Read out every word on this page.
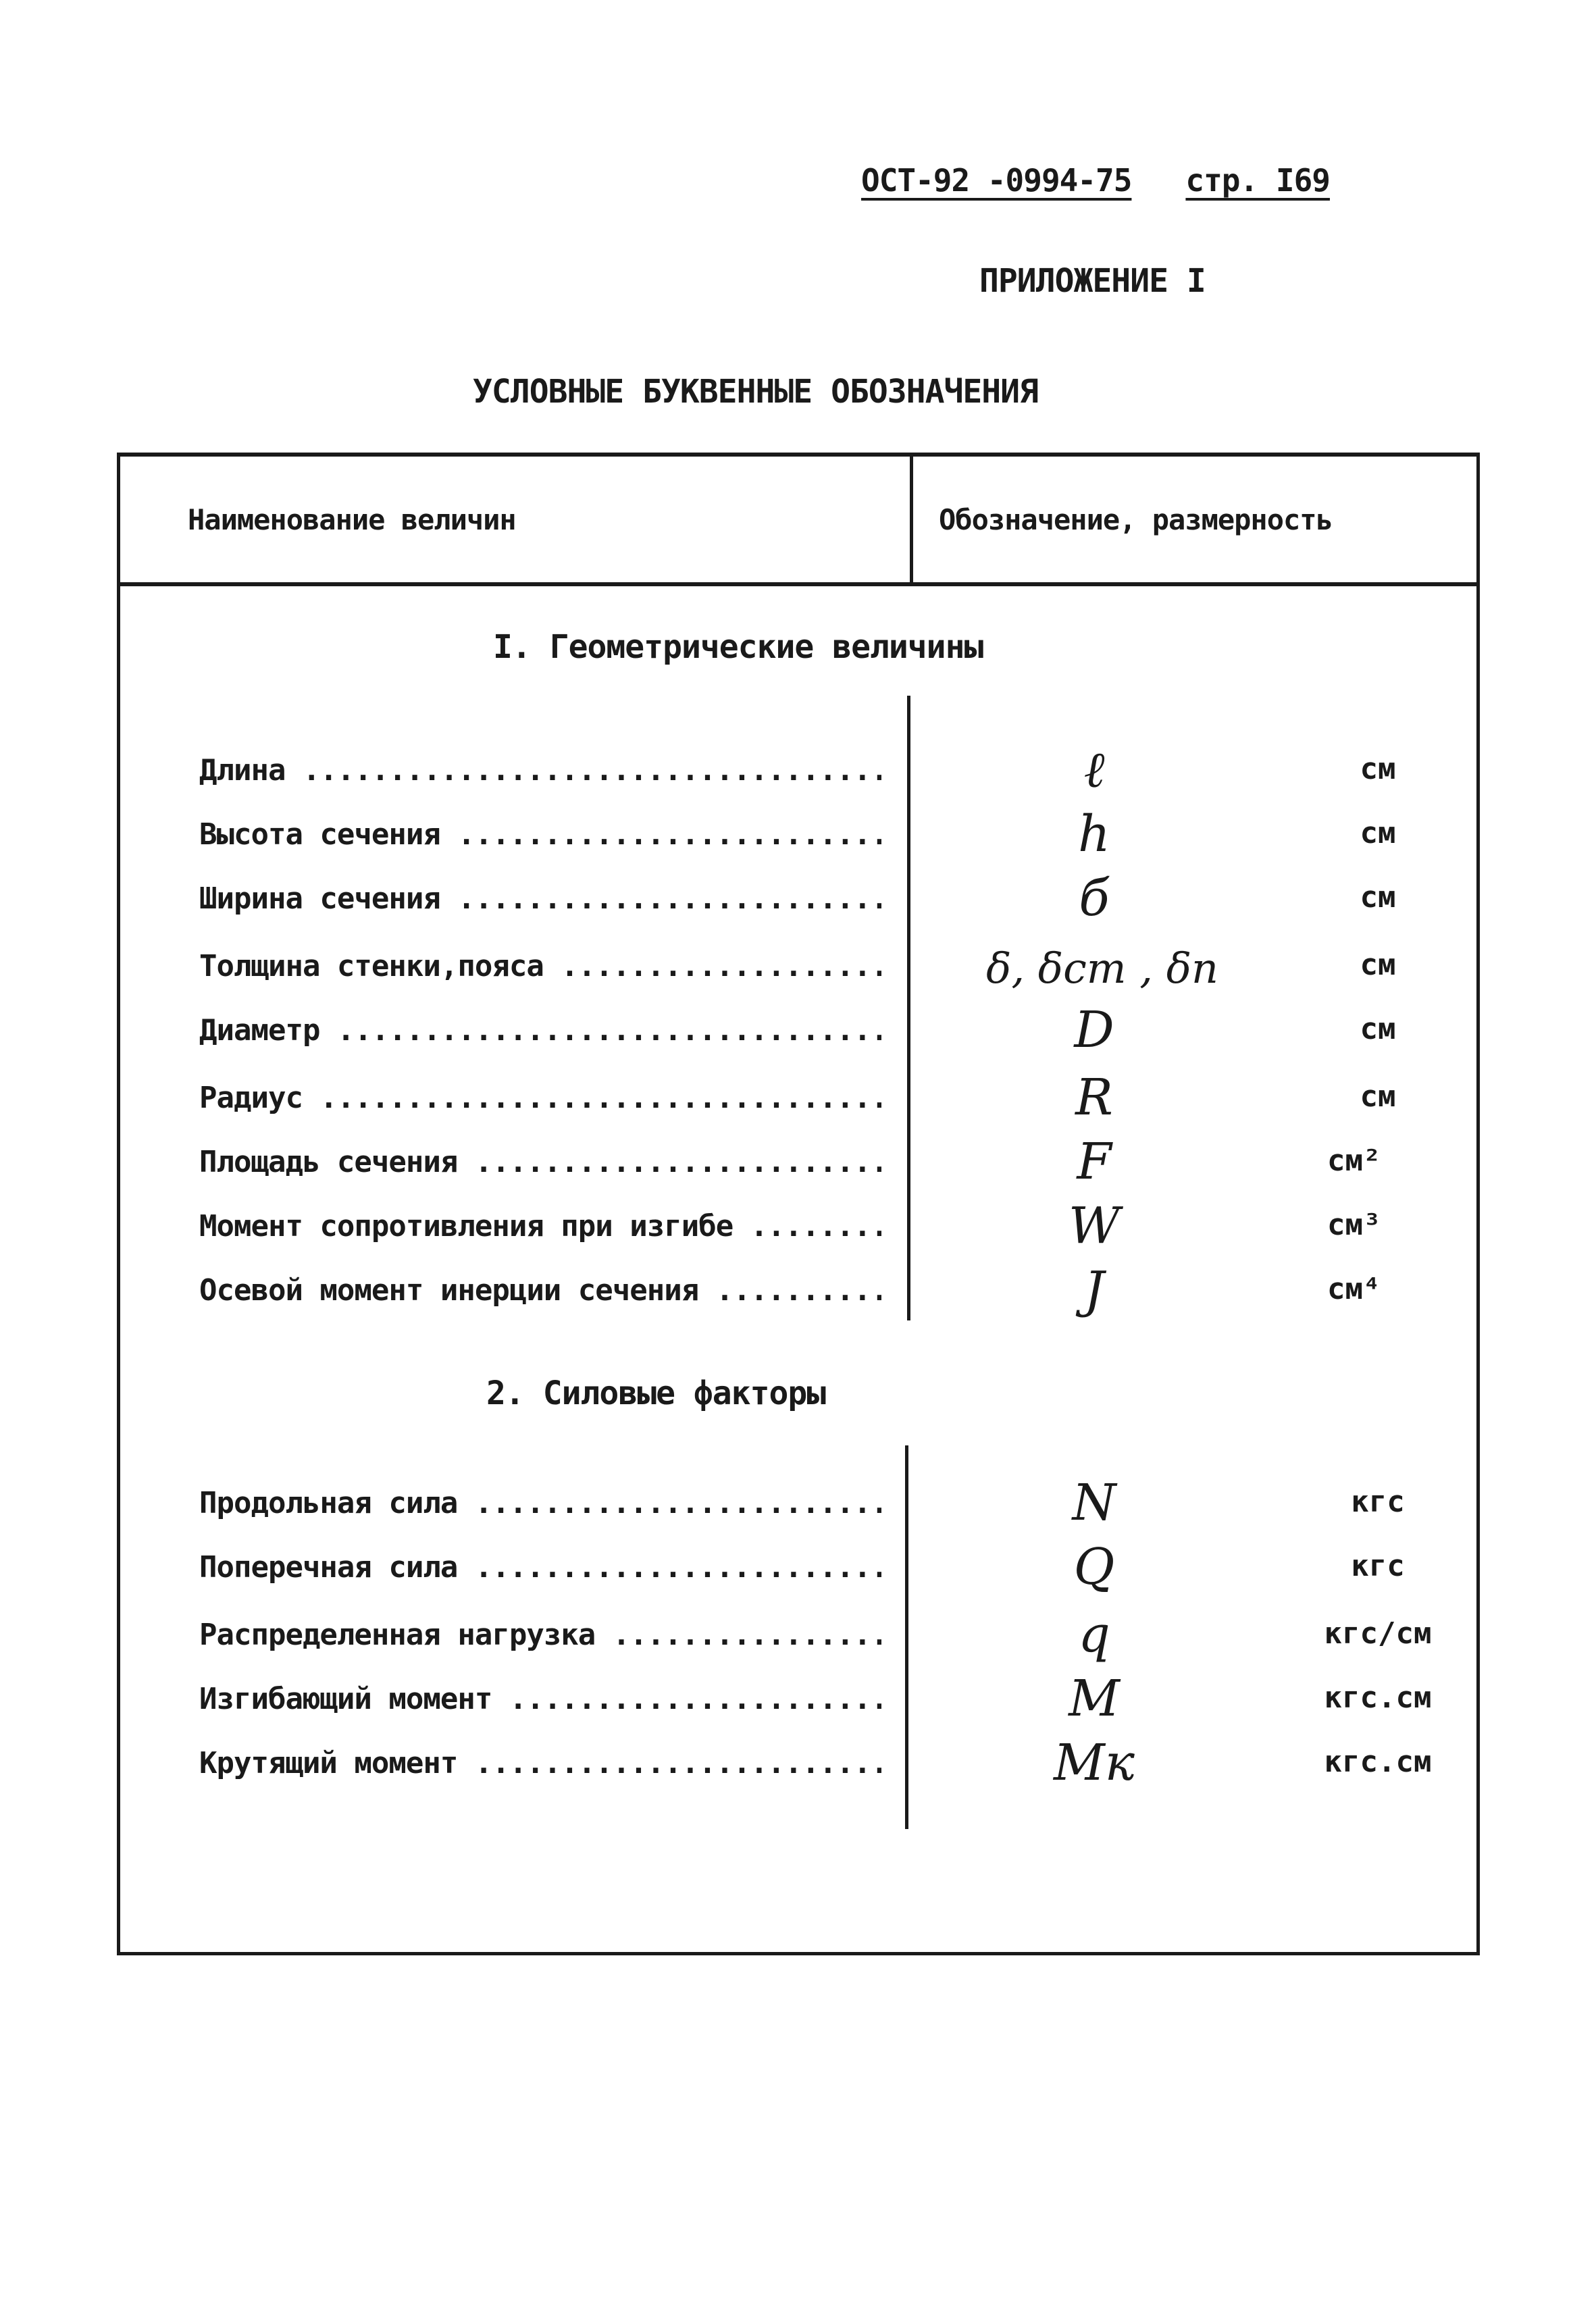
ОСТ-92 -0994-75 стр. I69
ПРИЛОЖЕНИЕ I
УСЛОВНЫЕ БУКВЕННЫЕ ОБОЗНАЧЕНИЯ
Наименование величин	Обозначение, размерность
I. Геометрические величины
Длина .....	ℓ	см
Высота сечения .....	h	см
Ширина сечения .....	б	см
Толщина стенки,пояса .....	δ, δст , δп	см
Диаметр .....	D	см
Радиус .....	R	см
Площадь сечения .....	F	см²
Момент сопротивления при изгибе .....	W	см³
Осевой момент инерции сечения .....	J	см⁴
2. Силовые факторы
Продольная сила .....	N	кгс
Поперечная сила .....	Q	кгс
Распределенная нагрузка .....	q	кгс/см
Изгибающий момент .....	M	кгс.см
Крутящий момент .....	Mк	кгс.см
